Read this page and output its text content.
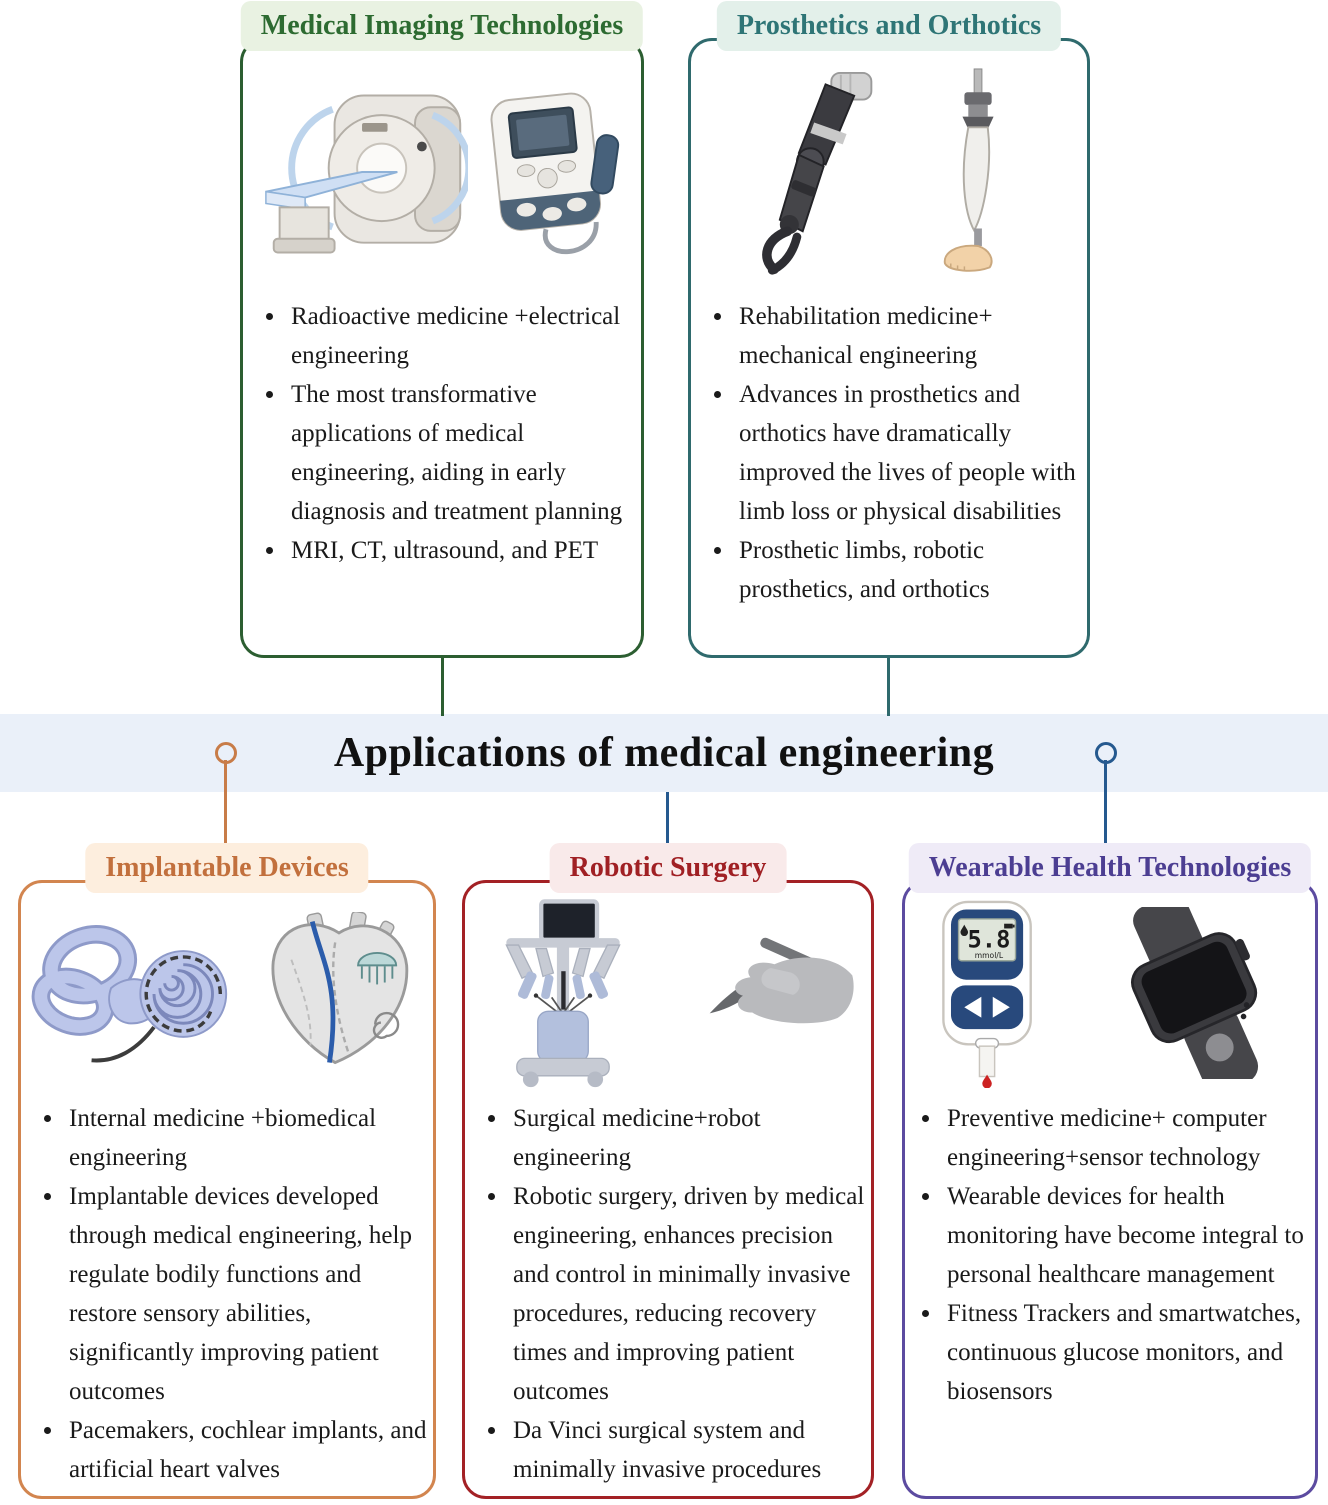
Applications of medical engineering
Medical Imaging Technologies
• Radioactive medicine +electrical engineering
• The most transformative applications of medical engineering, aiding in early diagnosis and treatment planning
• MRI, CT, ultrasound, and PET
Prosthetics and Orthotics
• Rehabilitation medicine+ mechanical engineering
• Advances in prosthetics and orthotics have dramatically improved the lives of people with limb loss or physical disabilities
• Prosthetic limbs, robotic prosthetics, and orthotics
Implantable Devices
• Internal medicine +biomedical engineering
• Implantable devices developed through medical engineering, help regulate bodily functions and restore sensory abilities, significantly improving patient outcomes
• Pacemakers, cochlear implants, and artificial heart valves
Robotic Surgery
• Surgical medicine+robot engineering
• Robotic surgery, driven by medical engineering, enhances precision and control in minimally invasive procedures, reducing recovery times and improving patient outcomes
• Da Vinci surgical system and minimally invasive procedures
Wearable Health Technologies
5.8
mmol/L
• Preventive medicine+ computer engineering+sensor technology
• Wearable devices for health monitoring have become integral to personal healthcare management
• Fitness Trackers and smartwatches, continuous glucose monitors, and biosensors
